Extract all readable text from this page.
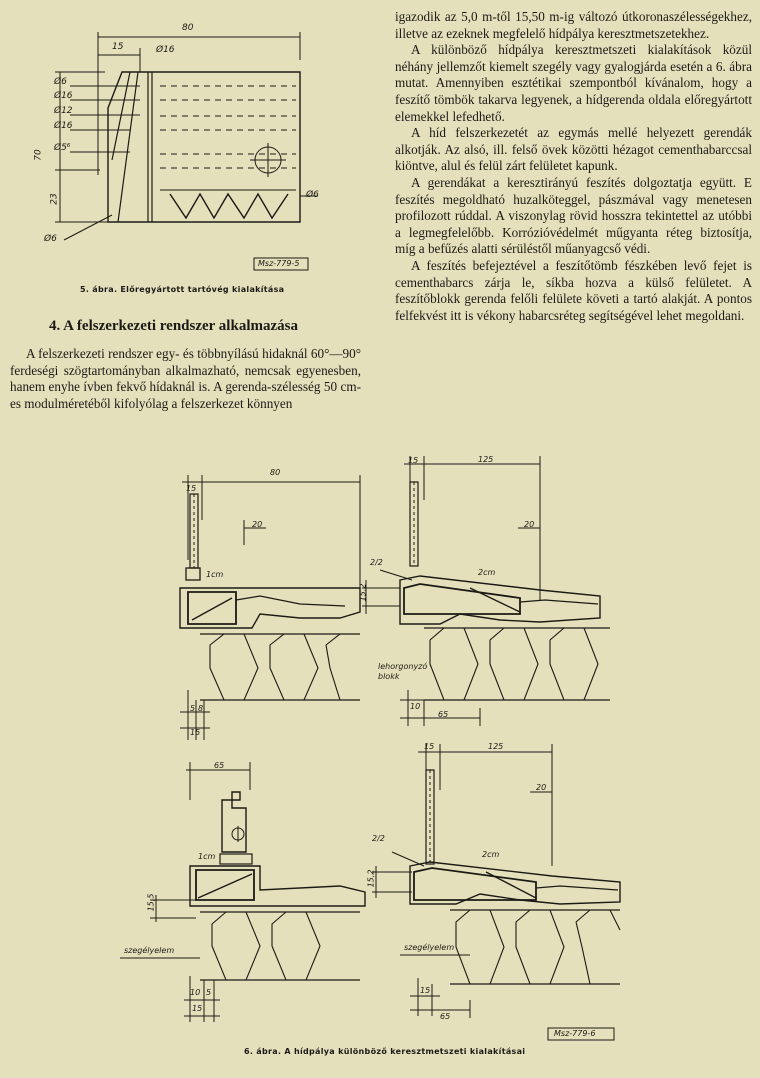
80
15	Ø16
Ø6
Ø16
Ø12
Ø16
Ø5⁶
Ø6
70
23
Ø6
Msz-779-5
5. ábra. Előregyártott tartóvég kialakítása
4. A felszerkezeti rendszer alkalmazása

A felszerkezeti rendszer egy- és többnyílású hidaknál 60°—90° ferdeségi szögtartományban alkalmazható, nemcsak egyenesben, hanem enyhe ívben fekvő hídaknál is. A gerenda-szélesség 50 cm-es modulméretéből kifolyólag a felszerkezet könnyen

igazodik az 5,0 m-től 15,50 m-ig változó útkoronaszélességekhez, illetve az ezeknek megfelelő hídpálya keresztmetszetekhez.

A különböző hídpálya keresztmetszeti kialakítások közül néhány jellemzőt kiemelt szegély vagy gyalogjárda esetén a 6. ábra mutat. Amennyiben esztétikai szempontból kívánalom, hogy a feszítő tömbök takarva legyenek, a hídgerenda oldala előregyártott elemekkel lefedhető.

A híd felszerkezetét az egymás mellé helyezett gerendák alkotják. Az alsó, ill. felső övek közötti hézagot cementhabarccsal kiöntve, alul és felül zárt felületet kapunk.

A gerendákat a keresztirányú feszítés dolgoztatja együtt. E feszítés megoldható huzalköteggel, pászmával vagy menetesen profilozott rúddal. A viszonylag rövid hosszra tekintettel az utóbbi a legmegfelelőbb. Korrózióvédelmét műgyanta réteg biztosítja, míg a befűzés alatti sérüléstől műanyagcső védi.

A feszítés befejeztével a feszítőtömb fészkében levő fejet is cementhabarcs zárja le, síkba hozva a külső felületet. A feszítőblokk gerenda felőli felülete követi a tartó alakját. A pontos felfekvést itt is vékony habarcsréteg segítségével lehet megoldani.

15
80
20
1cm
5 8
15
15	125
20
2/2
2cm
15,2
lehorgonyzó blokk
10
65
65
1cm
15,5
szegélyelem
10 5
15
15	125
20
2/2
2cm
15,2
szegélyelem
15
65
Msz-779-6
6. ábra. A hídpálya különböző keresztmetszeti kialakításai
